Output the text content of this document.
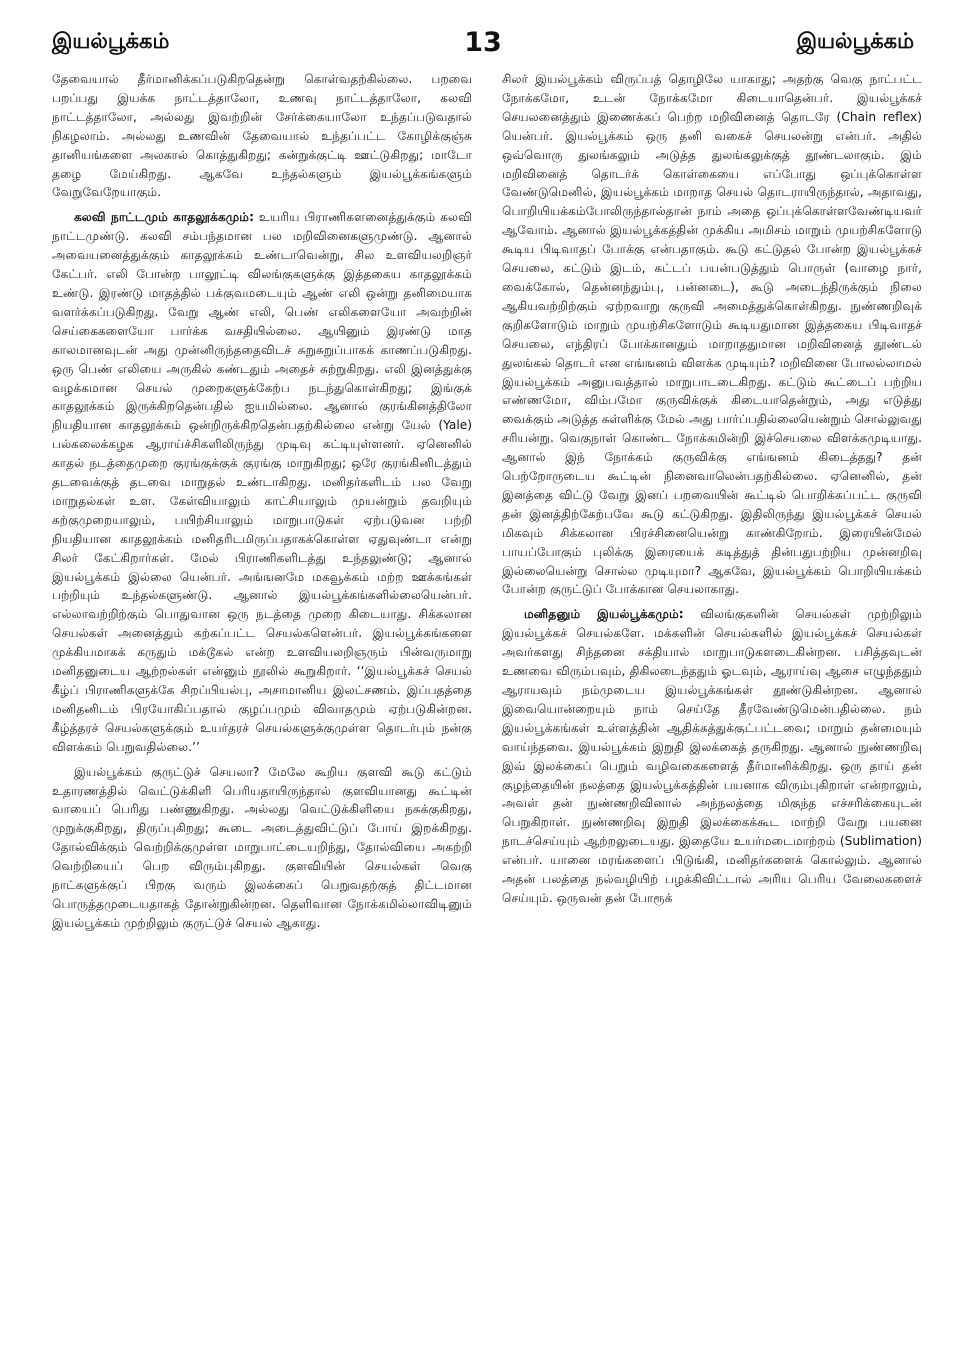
இயல்பூக்கம்	13	இயல்பூக்கம்

தேவையால் தீர்மானிக்கப்படுகிறதென்று கொள்வதற்கில்லை. பறவை பறப்பது இயக்க நாட்டத்தாலோ, உணவு நாட்டத்தாலோ, கலவி நாட்டத்தாலோ, அல்லது இவற்றின் சேர்க்கையாலோ உந்தப்படுவதால் நிகழலாம். அல்லது உணவின் தேவையால் உந்தப்பட்ட கோழிக்குஞ்சு தானியங்களை அலகால் கொத்துகிறது; கன்றுக்குட்டி ஊட்டுகிறது; மாடோ தழை மேய்கிறது. ஆகவே உந்தல்களும் இயல்பூக்கங்களும் வேறுவேறேயாகும்.

கலவி நாட்டமும் காதலூக்கமும்: உயரிய பிராணிகளனைத்துக்கும் கலவி நாட்டமுண்டு. கலவி சம்பந்தமான பல மறிவினைகளுமுண்டு. ஆனால் அவையனைத்துக்கும் காதலூக்கம் உண்டாவென்று, சில உளவியலறிஞர் கேட்பர். எலி போன்ற பாலூட்டி விலங்குகளுக்கு இத்தகைய காதலூக்கம் உண்டு. இரண்டு மாதத்தில் பக்குவமடையும் ஆண் எலி ஒன்று தனிமையாக வளர்க்கப்படுகிறது. வேறு ஆண் எலி, பெண் எலிகளையோ அவற்றின் செய்கைகளையோ பார்க்க வசதியில்லை. ஆயினும் இரண்டு மாத காலமானவுடன் அது முன்னிருந்ததைவிடச் சுறுசுறுப்பாகக் காணப்படுகிறது. ஒரு பெண் எலியை அருகில் கண்டதும் அதைச் சுற்றுகிறது. எலி இனத்துக்கு வழக்கமான செயல் முறைகளுக்கேற்ப நடந்துகொள்கிறது; இங்குக் காதலூக்கம் இருக்கிறதென்பதில் ஐயமில்லை. ஆனால் குரங்கினத்திலோ நியதியான காதலூக்கம் ஒன்றிருக்கிறதென்பதற்கில்லை என்று யேல் (Yale) பல்கலைக்கழக ஆராய்ச்சிகளிலிருந்து முடிவு கட்டியுள்ளனர். ஏனெனில் காதல் நடத்தைமுறை குரங்குக்குக் குரங்கு மாறுகிறது; ஒரே குரங்கினிடத்தும் தடவைக்குத் தடவை மாறுதல் உண்டாகிறது. மனிதர்களிடம் பல வேறு மாறுதல்கள் உள. கேள்வியாலும் காட்சியாலும் முயன்றும் தவறியும் கற்குமுறையாலும், பயிற்சியாலும் மாறுபாடுகள் ஏற்படுவன பற்றி நியதியான காதலூக்கம் மனிதரிடமிருப்பதாகக்கொள்ள ஏதுவுண்டா என்று சிலர் கேட்கிறார்கள். மேல் பிராணிகளிடத்து உந்தலுண்டு; ஆனால் இயல்பூக்கம் இல்லை யென்பர். அங்ஙனமே மகவூக்கம் மற்ற ஊக்கங்கள் பற்றியும் உந்தல்களுண்டு. ஆனால் இயல்பூக்கங்களில்லையென்பர். எல்லாவற்றிற்கும் பொதுவான ஒரு நடத்தை முறை கிடையாது. சிக்கலான செயல்கள் அனைத்தும் கற்கப்பட்ட செயல்களென்பர். இயல்பூக்கங்களை முக்கியமாகக் கருதும் மக்டூகல் என்ற உளவியலறிஞரும் பின்வருமாறு மனிதனுடைய ஆற்றல்கள் என்னும் நூலில் கூறுகிறார். ‘‘இயல்பூக்கச் செயல் கீழ்ப் பிராணிகளுக்கே சிறப்பியல்பு, அசாமானிய இலட்சணம். இப்பதத்தை மனிதனிடம் பிரயோகிப்பதால் குழப்பமும் விவாதமும் ஏற்படுகின்றன. கீழ்த்தரச் செயல்களுக்கும் உயர்தரச் செயல்களுக்குமுள்ள தொடர்பும் நன்கு விளக்கம் பெறுவதில்லை.’’

இயல்பூக்கம் குருட்டுச் செயலா? மேலே கூறிய குளவி கூடு கட்டும் உதாரணத்தில் வெட்டுக்கிளி பெரியதாயிருந்தால் குளவியானது கூட்டின் வாயைப் பெரிது பண்ணுகிறது. அல்லது வெட்டுக்கிளியை நசுக்குகிறது, முறுக்குகிறது, திருப்புகிறது; கூடை அடைத்துவிட்டுப் போய் இறக்கிறது. தோல்விக்கும் வெற்றிக்குமுள்ள மாறுபாட்டையறிந்து, தோல்வியை அகற்றி வெற்றியைப் பெற விரும்புகிறது. குளவியின் செயல்கள் வெகு நாட்களுக்குப் பிறகு வரும் இலக்கைப் பெறுவதற்குத் திட்டமான பொருத்தமுடையதாகத் தோன்றுகின்றன. தெளிவான நோக்கமில்லாவிடினும் இயல்பூக்கம் முற்றிலும் குருட்டுச் செயல் ஆகாது.

சிலர் இயல்பூக்கம் விருப்பத் தொழிலே யாகாது; அதற்கு வெகு நாட்பட்ட நோக்கமோ, உடன் நோக்கமோ கிடையாதென்பர். இயல்பூக்கச் செயலனைத்தும் இணைக்கப் பெற்ற மறிவினைத் தொடரே (Chain reflex) யென்பர். இயல்பூக்கம் ஒரு தனி வகைச் செயலன்று என்பர். அதில் ஒவ்வொரு துலங்கலும் அடுத்த துலங்கலுக்குத் தூண்டலாகும். இம் மறிவினைத் தொடர்க் கொள்கையை எப்போது ஒப்புக்கொள்ள வேண்டுமெனில், இயல்பூக்கம் மாறாத செயல் தொடராயிருந்தால், அதாவது, பொறியியக்கம்போலிருந்தால்தான் நாம் அதை ஒப்புக்கொள்ளவேண்டியவர் ஆவோம். ஆனால் இயல்பூக்கத்தின் முக்கிய அமிசம் மாறும் முயற்சிகளோடு கூடிய பிடிவாதப் போக்கு என்பதாகும். கூடு கட்டுதல் போன்ற இயல்பூக்கச் செயலை, கட்டும் இடம், கட்டப் பயன்படுத்தும் பொருள் (வாழை நார், வைக்கோல், தென்னந்தும்பு, பன்னடை), கூடு அடைந்திருக்கும் நிலை ஆகியவற்றிற்கும் ஏற்றவாறு குருவி அமைத்துக்கொள்கிறது. நுண்ணறிவுக் குறிகளோடும் மாறும் முயற்சிகளோடும் கூடியதுமான இத்தகைய பிடிவாதச் செயலை, எந்திரப் போக்கானதும் மாறாததுமான மறிவினைத் தூண்டல் துலங்கல் தொடர் என எங்ஙனம் விளக்க முடியும்? மறிவினை போலல்லாமல் இயல்பூக்கம் அனுபவத்தால் மாறுபாடடைகிறது. கட்டும் கூட்டைப் பற்றிய எண்ணமோ, விம்பமோ குருவிக்குக் கிடையாதென்றும், அது எடுத்து வைக்கும் அடுத்த சுள்ளிக்கு மேல் அது பார்ப்பதில்லையென்றும் சொல்லுவது சரியன்று. வெகுநாள் கொண்ட நோக்கமின்றி இச்செயலை விளக்கமுடியாது. ஆனால் இந் நோக்கம் குருவிக்கு எங்ஙனம் கிடைத்தது? தன் பெற்றோருடைய கூட்டின் நினைவாலென்பதற்கில்லை. ஏனெனில், தன் இனத்தை விட்டு வேறு இனப் பறவையின் கூட்டில் பொறிக்கப்பட்ட குருவி தன் இனத்திற்கேற்பவே கூடு கட்டுகிறது. இதிலிருந்து இயல்பூக்கச் செயல் மிகவும் சிக்கலான பிரச்சினையென்று காண்கிறோம். இரையின்மேல் பாயப்போகும் புலிக்கு இரையைக் கடித்துத் தின்பதுபற்றிய முன்னறிவு இல்லையென்று சொல்ல முடியுமா? ஆகவே, இயல்பூக்கம் பொறியியக்கம் போன்ற குருட்டுப் போக்கான செயலாகாது.

மனிதனும் இயல்பூக்கமும்: விலங்குகளின் செயல்கள் முற்றிலும் இயல்பூக்கச் செயல்களே. மக்களின் செயல்களில் இயல்பூக்கச் செயல்கள் அவர்களது சிந்தனை சக்தியால் மாறுபாடுகளடைகின்றன. பசித்தவுடன் உணவை விரும்பவும், திகிலடைந்ததும் ஓடவும், ஆராய்வு ஆசை எழுந்ததும் ஆராயவும் நம்முடைய இயல்பூக்கங்கள் தூண்டுகின்றன. ஆனால் இவையொன்றையும் நாம் செய்தே தீரவேண்டுமென்பதில்லை. நம் இயல்பூக்கங்கள் உள்ளத்தின் ஆதிக்கத்துக்குட்பட்டவை; மாறும் தன்மையும் வாய்ந்தவை. இயல்பூக்கம் இறுதி இலக்கைத் தருகிறது. ஆனால் நுண்ணறிவு இவ் இலக்கைப் பெறும் வழிவகைகளைத் தீர்மானிக்கிறது. ஒரு தாய் தன் குழந்தையின் நலத்தை இயல்பூக்கத்தின் பயனாக விரும்புகிறாள் என்றாலும், அவள் தன் நுண்ணறிவினால் அந்நலத்தை மிகுந்த எச்சரிக்கையுடன் பெறுகிறாள். நுண்ணறிவு இறுதி இலக்கைக்கூட மாற்றி வேறு பயனை நாடச்செய்யும் ஆற்றலுடையது. இதையே உயர்மடைமாற்றம் (Sublimation) என்பர். யானை மரங்களைப் பிடுங்கி, மனிதர்களைக் கொல்லும். ஆனால் அதன் பலத்தை நல்வழியிற் பழக்கிவிட்டால் அரிய பெரிய வேலைகளைச் செய்யும். ஒருவன் தன் போரூக்
